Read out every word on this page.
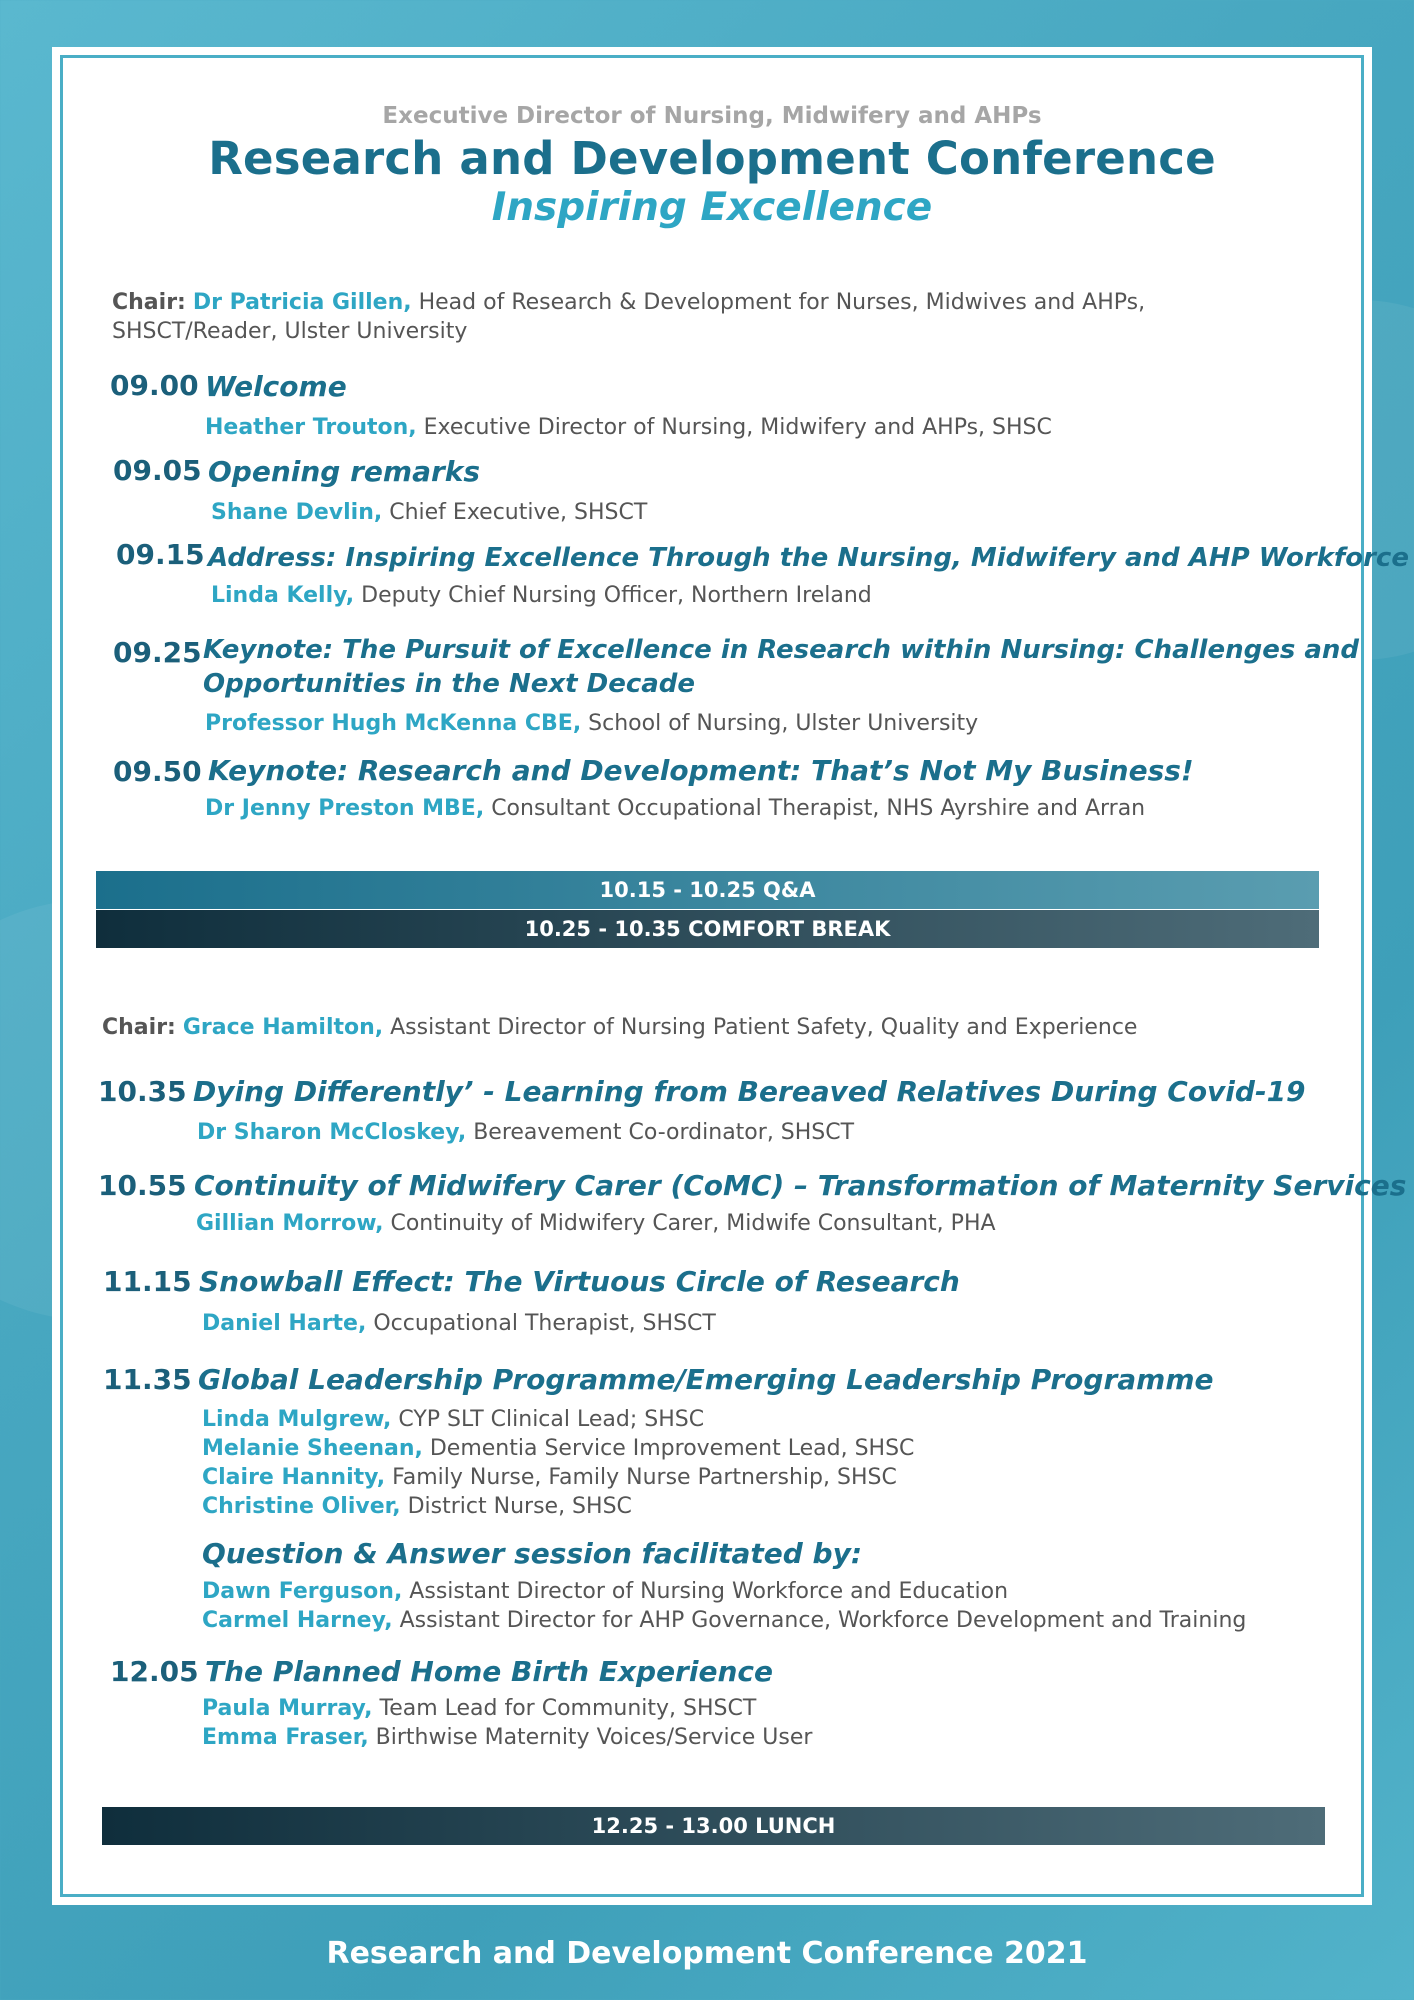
Executive Director of Nursing, Midwifery and AHPs
Research and Development Conference
Inspiring Excellence
Chair: Dr Patricia Gillen, Head of Research & Development for Nurses, Midwives and AHPs,
SHSCT/Reader, Ulster University
09.00 Welcome
Heather Trouton, Executive Director of Nursing, Midwifery and AHPs, SHSC
09.05 Opening remarks
Shane Devlin, Chief Executive, SHSCT
09.15 Address: Inspiring Excellence Through the Nursing, Midwifery and AHP Workforce
Linda Kelly, Deputy Chief Nursing Officer, Northern Ireland
09.25 Keynote: The Pursuit of Excellence in Research within Nursing: Challenges and
Opportunities in the Next Decade
Professor Hugh McKenna CBE, School of Nursing, Ulster University
09.50 Keynote: Research and Development: That’s Not My Business!
Dr Jenny Preston MBE, Consultant Occupational Therapist, NHS Ayrshire and Arran
10.15 - 10.25 Q&A
10.25 - 10.35 COMFORT BREAK
Chair: Grace Hamilton, Assistant Director of Nursing Patient Safety, Quality and Experience
10.35 Dying Differently’ - Learning from Bereaved Relatives During Covid-19
Dr Sharon McCloskey, Bereavement Co-ordinator, SHSCT
10.55 Continuity of Midwifery Carer (CoMC) – Transformation of Maternity Services
Gillian Morrow, Continuity of Midwifery Carer, Midwife Consultant, PHA
11.15 Snowball Effect: The Virtuous Circle of Research
Daniel Harte, Occupational Therapist, SHSCT
11.35 Global Leadership Programme/Emerging Leadership Programme
Linda Mulgrew, CYP SLT Clinical Lead; SHSC
Melanie Sheenan, Dementia Service Improvement Lead, SHSC
Claire Hannity, Family Nurse, Family Nurse Partnership, SHSC
Christine Oliver, District Nurse, SHSC
Question & Answer session facilitated by:
Dawn Ferguson, Assistant Director of Nursing Workforce and Education
Carmel Harney, Assistant Director for AHP Governance, Workforce Development and Training
12.05 The Planned Home Birth Experience
Paula Murray, Team Lead for Community, SHSCT
Emma Fraser, Birthwise Maternity Voices/Service User
12.25 - 13.00 LUNCH
Research and Development Conference 2021
